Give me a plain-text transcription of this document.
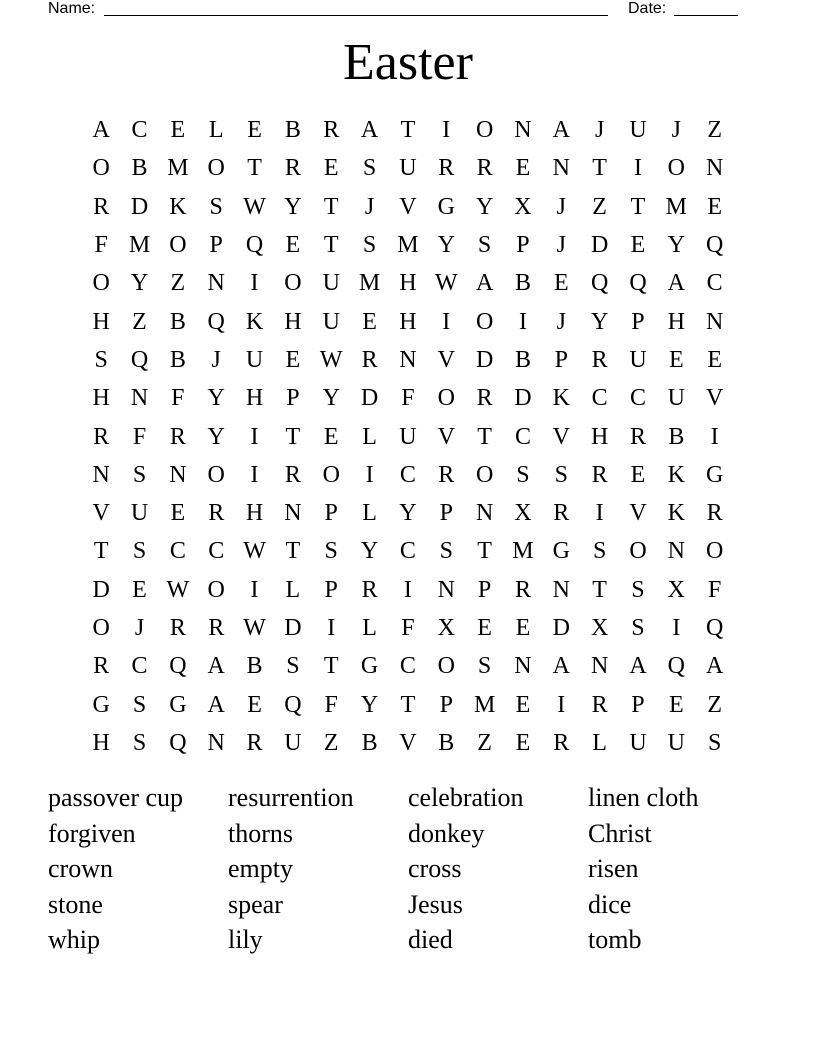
Name:	Date:
Easter
A C E L E B R A T	I	O N A	J	U	J	Z
O B M O T R E	S U R R E N T	I	O N
R D K S W Y T	J	V G Y X	J	Z T M E
F M O P Q E T	S M Y S	P	J	D E Y Q
O Y Z N	I	O U M H W A B E Q Q A C
H Z B Q K H U E H	I	O	I	J	Y P H N
S Q B	J	U E W R N V D B P R U E E
H N F Y H P Y D F O R D K C C U V
R F R Y	I	T E L U V T C V H R B	I
N S N O	I	R O	I	C R O S	S R E K G
V U E R H N P	L Y P N X R	I	V K R
T	S C C W T	S Y C S	T M G S O N O
D E W O	I	L	P R	I	N P R N T	S X F
O	J	R R W D	I	L	F X E E D X S	I	Q
R C Q A B S	T G C O S N A N A Q A
G S G A E Q F Y T	P M E	I	R P	E Z
H S Q N R U Z B V B Z E R L U U S
passover cup	resurrention	celebration	linen cloth
forgiven	thorns	donkey	Christ
crown	empty	cross	risen
stone	spear	Jesus	dice
whip	lily	died	tomb
